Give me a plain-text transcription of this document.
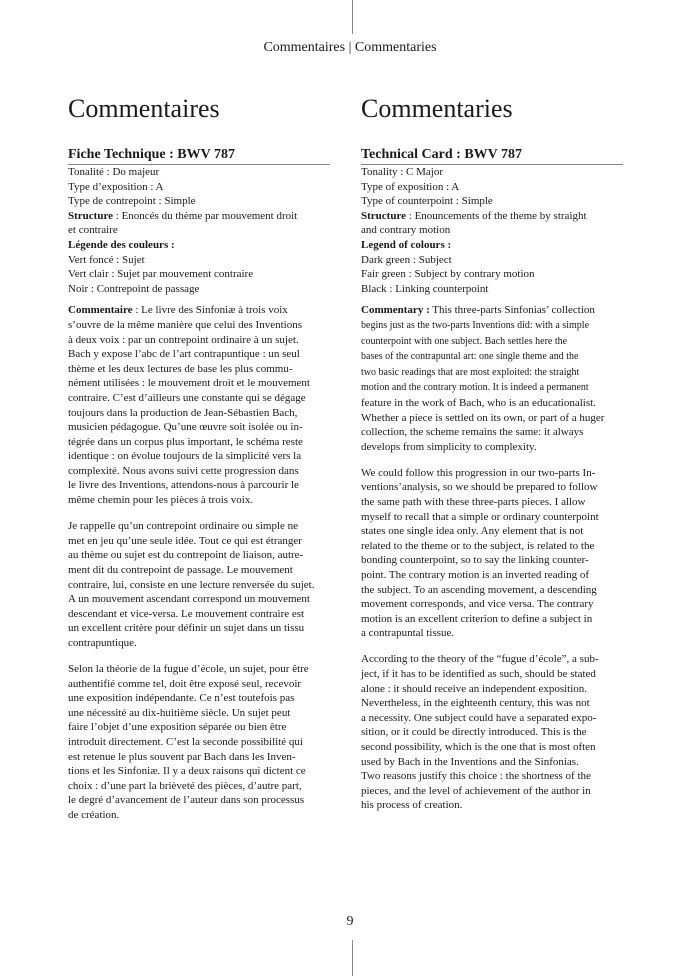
Commentaires | Commentaries
Commentaires
Fiche Technique : BWV 787
Tonalité : Do majeur
Type d’exposition : A
Type de contrepoint : Simple
Structure : Enoncés du thème par mouvement droit
et contraire
Légende des couleurs :
Vert foncé : Sujet
Vert clair : Sujet par mouvement contraire
Noir : Contrepoint de passage

Commentaire : Le livre des Sinfoniæ à trois voix
s’ouvre de la même manière que celui des Inventions
à deux voix : par un contrepoint ordinaire à un sujet.
Bach y expose l’abc de l’art contrapuntique : un seul
thème et les deux lectures de base les plus commu-
nément utilisées : le mouvement droit et le mouvement
contraire. C’est d’ailleurs une constante qui se dégage
toujours dans la production de Jean-Sébastien Bach,
musicien pédagogue. Qu’une œuvre soit isolée ou in-
tégrée dans un corpus plus important, le schéma reste
identique : on évolue toujours de la simplicité vers la
complexité. Nous avons suivi cette progression dans
le livre des Inventions, attendons-nous à parcourir le
même chemin pour les pièces à trois voix.

Je rappelle qu’un contrepoint ordinaire ou simple ne
met en jeu qu’une seule idée. Tout ce qui est étranger
au thème ou sujet est du contrepoint de liaison, autre-
ment dit du contrepoint de passage. Le mouvement
contraire, lui, consiste en une lecture renversée du sujet.
A un mouvement ascendant correspond un mouvement
descendant et vice-versa. Le mouvement contraire est
un excellent critère pour définir un sujet dans un tissu
contrapuntique.

Selon la théorie de la fugue d’école, un sujet, pour être
authentifié comme tel, doit être exposé seul, recevoir
une exposition indépendante. Ce n’est toutefois pas
une nécessité au dix-huitième siècle. Un sujet peut
faire l’objet d’une exposition séparée ou bien être
introduit directement. C’est la seconde possibilité qui
est retenue le plus souvent par Bach dans les Inven-
tions et les Sinfoniæ. Il y a deux raisons qui dictent ce
choix : d’une part la brièveté des pièces, d’autre part,
le degré d’avancement de l’auteur dans son processus
de création.

Commentaries
Technical Card : BWV 787
Tonality : C Major
Type of exposition : A
Type of counterpoint : Simple
Structure : Enouncements of the theme by straight
and contrary motion
Legend of colours :
Dark green : Subject
Fair green : Subject by contrary motion
Black : Linking counterpoint

Commentary : This three-parts Sinfonias’ collection
begins just as the two-parts Inventions did: with a simple
counterpoint with one subject. Bach settles here the
bases of the contrapuntal art: one single theme and the
two basic readings that are most exploited: the straight
motion and the contrary motion. It is indeed a permanent
feature in the work of Bach, who is an educationalist.
Whether a piece is settled on its own, or part of a huger
collection, the scheme remains the same: it always
develops from simplicity to complexity.

We could follow this progression in our two-parts In-
ventions’analysis, so we should be prepared to follow
the same path with these three-parts pieces. I allow
myself to recall that a simple or ordinary counterpoint
states one single idea only. Any element that is not
related to the theme or to the subject, is related to the
bonding counterpoint, so to say the linking counter-
point. The contrary motion is an inverted reading of
the subject. To an ascending movement, a descending
movement corresponds, and vice versa. The contrary
motion is an excellent criterion to define a subject in
a contrapuntal tissue.

According to the theory of the “fugue d’école”, a sub-
ject, if it has to be identified as such, should be stated
alone : it should receive an independent exposition.
Nevertheless, in the eighteenth century, this was not
a necessity. One subject could have a separated expo-
sition, or it could be directly introduced. This is the
second possibility, which is the one that is most often
used by Bach in the Inventions and the Sinfonias.
Two reasons justify this choice : the shortness of the
pieces, and the level of achievement of the author in
his process of creation.

9
